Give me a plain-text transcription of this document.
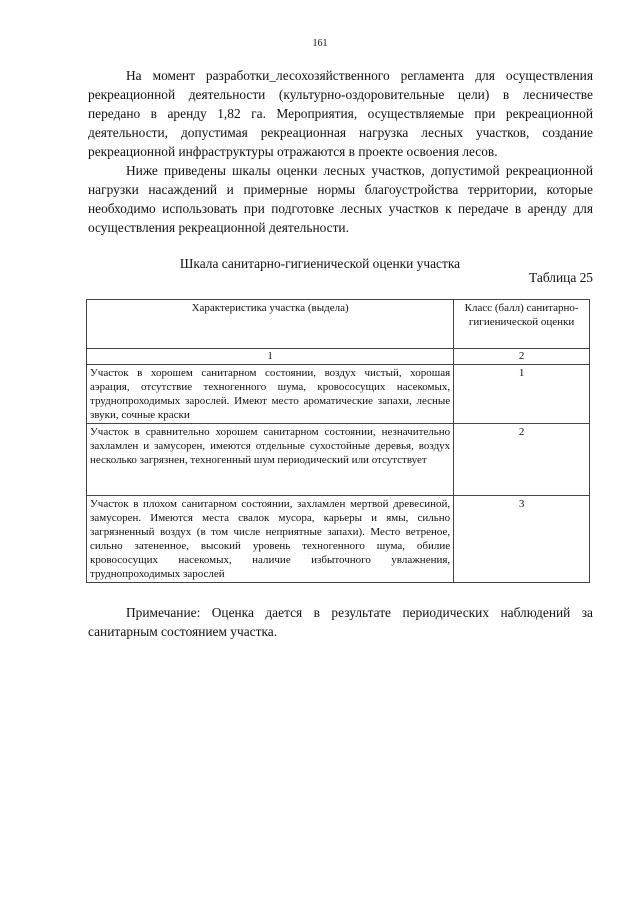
161

На момент разработки_лесохозяйственного регламента для осуществления рекреационной деятельности (культурно-оздоровительные цели) в лесничестве передано в аренду 1,82 га. Мероприятия, осуществляемые при рекреационной деятельности, допустимая рекреационная нагрузка лесных участков, создание рекреационной инфраструктуры отражаются в проекте освоения лесов.

Ниже приведены шкалы оценки лесных участков, допустимой рекреационной нагрузки насаждений и примерные нормы благоустройства территории, которые необходимо использовать при подготовке лесных участков к передаче в аренду для осуществления рекреационной деятельности.

Шкала санитарно-гигиенической оценки участка
Таблица 25
Характеристика участка (выдела)	Класс (балл) санитарно-гигиенической оценки
1	2
Участок в хорошем санитарном состоянии, воздух чистый, хорошая аэрация, отсутствие техногенного шума, кровососущих насекомых, труднопроходимых зарослей. Имеют место ароматические запахи, лесные звуки, сочные краски	1
Участок в сравнительно хорошем санитарном состоянии, незначительно захламлен и замусорен, имеются отдельные сухостойные деревья, воздух несколько загрязнен, техногенный шум периодический или отсутствует	2
Участок в плохом санитарном состоянии, захламлен мертвой древесиной, замусорен. Имеются места свалок мусора, карьеры и ямы, сильно загрязненный воздух (в том числе неприятные запахи). Место ветреное, сильно затененное, высокий уровень техногенного шума, обилие кровососущих насекомых, наличие избыточного увлажнения, труднопроходимых зарослей	3

Примечание: Оценка дается в результате периодических наблюдений за санитарным состоянием участка.
